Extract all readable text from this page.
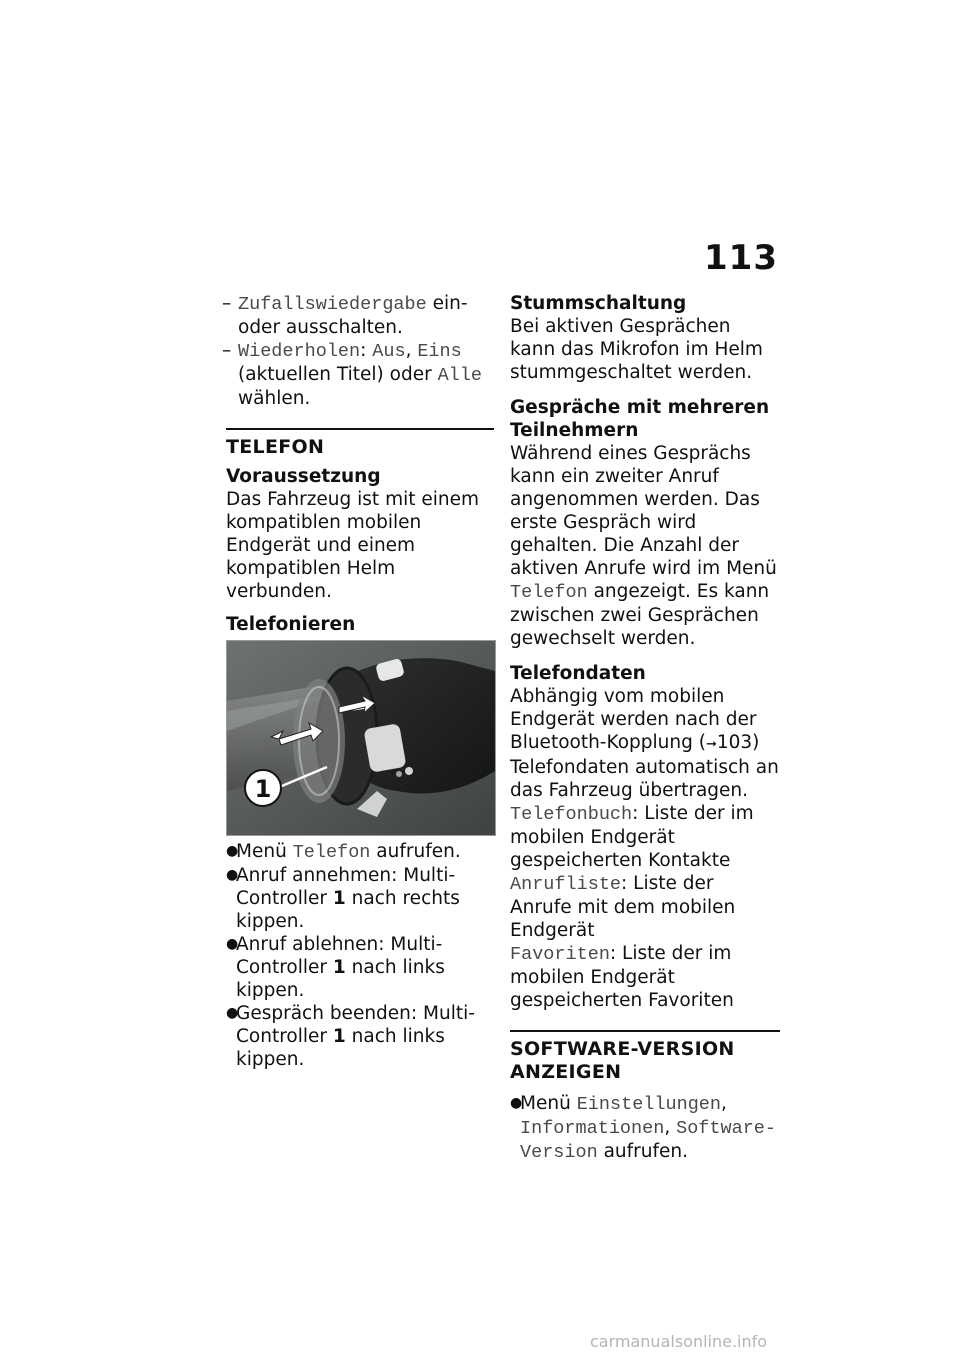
113
– Zufallswiedergabe ein- oder ausschalten.
– Wiederholen: Aus, Eins (aktuellen Titel) oder Alle wählen.
TELEFON
Voraussetzung

Das Fahrzeug ist mit einem kompatiblen mobilen Endgerät und einem kompatiblen Helm verbunden.

Telefonieren
1
●
Menü Telefon aufrufen.
●
Anruf annehmen: Multi-Controller 1 nach rechts kippen.
●
Anruf ablehnen: Multi-Controller 1 nach links kippen.
●
Gespräch beenden: Multi-Controller 1 nach links kippen.
Stummschaltung

Bei aktiven Gesprächen kann das Mikrofon im Helm stummgeschaltet werden.

Gespräche mit mehreren Teilnehmern

Während eines Gesprächs kann ein zweiter Anruf angenommen werden. Das erste Gespräch wird gehalten. Die Anzahl der aktiven Anrufe wird im Menü Telefon angezeigt. Es kann zwischen zwei Gesprächen gewechselt werden.

Telefondaten

Abhängig vom mobilen Endgerät werden nach der Bluetooth-Kopplung (➞103) Telefondaten automatisch an das Fahrzeug übertragen.

Telefonbuch: Liste der im mobilen Endgerät gespeicherten Kontakte

Anrufliste: Liste der Anrufe mit dem mobilen Endgerät

Favoriten: Liste der im mobilen Endgerät gespeicherten Favoriten

SOFTWARE-VERSION ANZEIGEN
●
Menü Einstellungen, Informationen, Software-Version aufrufen.
carmanualsonline.info
